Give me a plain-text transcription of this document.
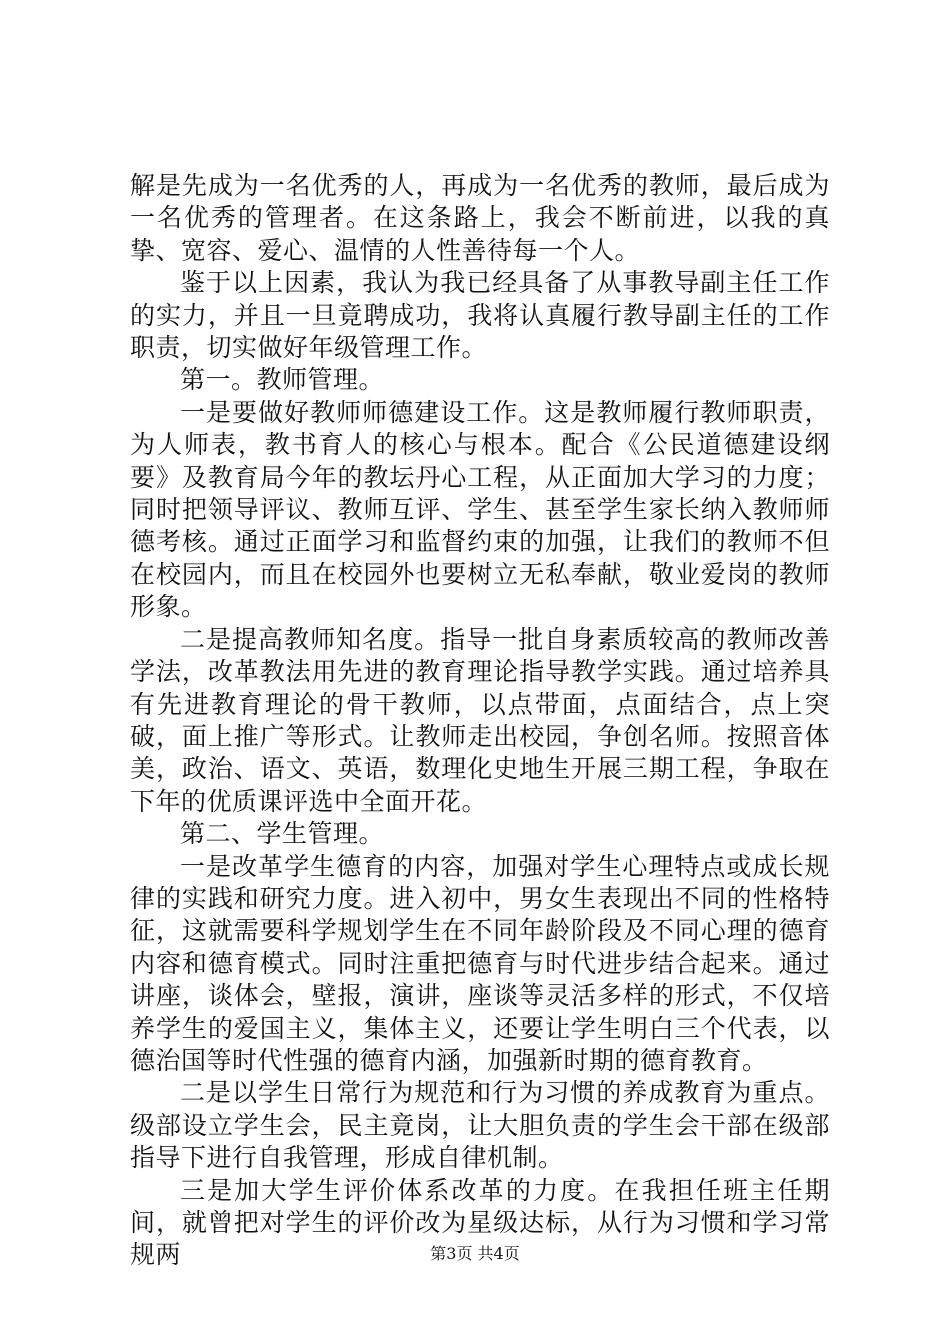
解是先成为一名优秀的人，再成为一名优秀的教师，最后成为一名优秀的管理者。在这条路上，我会不断前进，以我的真挚、宽容、爱心、温情的人性善待每一个人。

鉴于以上因素，我认为我已经具备了从事教导副主任工作的实力，并且一旦竟聘成功，我将认真履行教导副主任的工作职责，切实做好年级管理工作。

第一。教师管理。

一是要做好教师师德建设工作。这是教师履行教师职责，为人师表，教书育人的核心与根本。配合《公民道德建设纲要》及教育局今年的教坛丹心工程，从正面加大学习的力度；同时把领导评议、教师互评、学生、甚至学生家长纳入教师师德考核。通过正面学习和监督约束的加强，让我们的教师不但在校园内，而且在校园外也要树立无私奉献，敬业爱岗的教师形象。

二是提高教师知名度。指导一批自身素质较高的教师改善学法，改革教法用先进的教育理论指导教学实践。通过培养具有先进教育理论的骨干教师，以点带面，点面结合，点上突破，面上推广等形式。让教师走出校园，争创名师。按照音体美，政治、语文、英语，数理化史地生开展三期工程，争取在下年的优质课评选中全面开花。

第二、学生管理。

一是改革学生德育的内容，加强对学生心理特点或成长规律的实践和研究力度。进入初中，男女生表现出不同的性格特征，这就需要科学规划学生在不同年龄阶段及不同心理的德育内容和德育模式。同时注重把德育与时代进步结合起来。通过讲座，谈体会，壁报，演讲，座谈等灵活多样的形式，不仅培养学生的爱国主义，集体主义，还要让学生明白三个代表，以德治国等时代性强的德育内涵，加强新时期的德育教育。

二是以学生日常行为规范和行为习惯的养成教育为重点。级部设立学生会，民主竟岗，让大胆负责的学生会干部在级部指导下进行自我管理，形成自律机制。

三是加大学生评价体系改革的力度。在我担任班主任期间，就曾把对学生的评价改为星级达标，从行为习惯和学习常规两	第3页 共4页
